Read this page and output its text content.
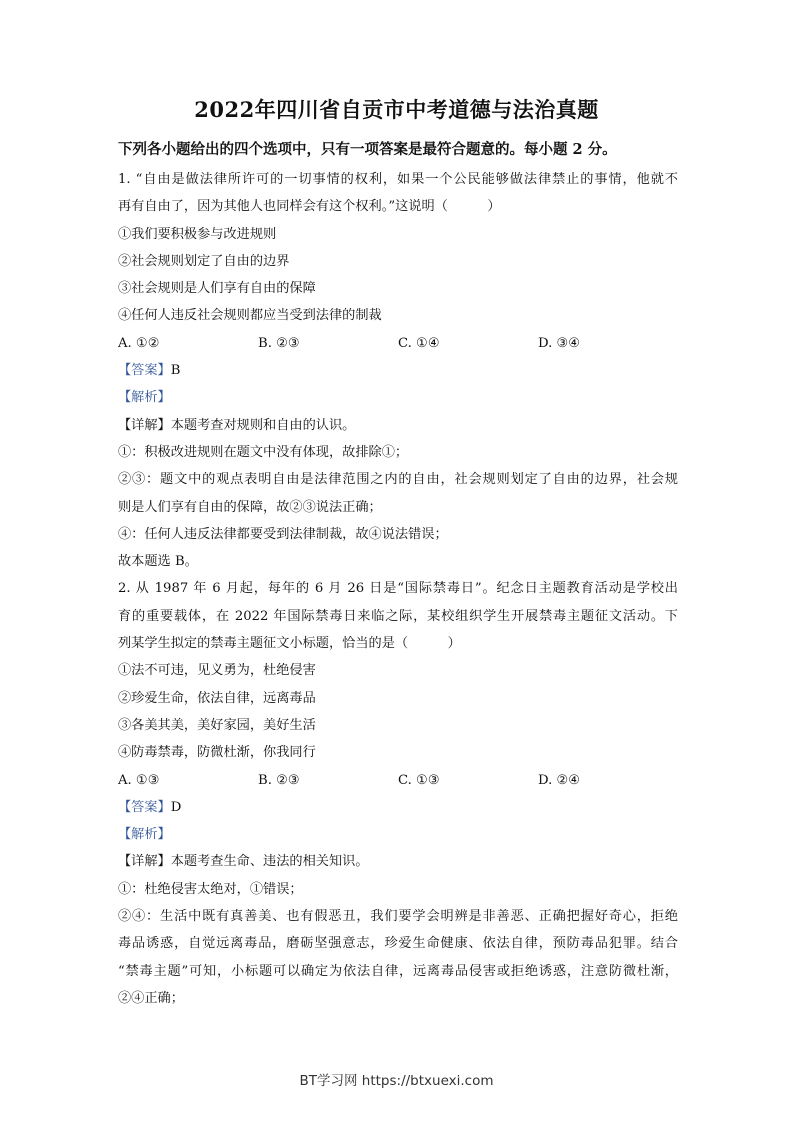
2022年四川省自贡市中考道德与法治真题
下列各小题给出的四个选项中，只有一项答案是最符合题意的。每小题 2 分。
1. “自由是做法律所许可的一切事情的权利，如果一个公民能够做法律禁止的事情，他就不
再有自由了，因为其他人也同样会有这个权利。”这说明（　　　）
①我们要积极参与改进规则
②社会规则划定了自由的边界
③社会规则是人们享有自由的保障
④任何人违反社会规则都应当受到法律的制裁
A. ①②	B. ②③	C. ①④	D. ③④
【答案】B
【解析】
【详解】本题考查对规则和自由的认识。
①：积极改进规则在题文中没有体现，故排除①；
②③：题文中的观点表明自由是法律范围之内的自由，社会规则划定了自由的边界，社会规
则是人们享有自由的保障，故②③说法正确；
④：任何人违反法律都要受到法律制裁，故④说法错误；
故本题选 B。
2. 从 1987 年 6 月起，每年的 6 月 26 日是“国际禁毒日”。纪念日主题教育活动是学校出
育的重要载体，在 2022 年国际禁毒日来临之际，某校组织学生开展禁毒主题征文活动。下
列某学生拟定的禁毒主题征文小标题，恰当的是（　　　）
①法不可违，见义勇为，杜绝侵害
②珍爱生命，依法自律，远离毒品
③各美其美，美好家园，美好生活
④防毒禁毒，防微杜渐，你我同行
A. ①③	B. ②③	C. ①③	D. ②④
【答案】D
【解析】
【详解】本题考查生命、违法的相关知识。
①：杜绝侵害太绝对，①错误；
②④：生活中既有真善美、也有假恶丑，我们要学会明辨是非善恶、正确把握好奇心，拒绝
毒品诱惑，自觉远离毒品，磨砺坚强意志，珍爱生命健康、依法自律，预防毒品犯罪。结合
“禁毒主题”可知，小标题可以确定为依法自律，远离毒品侵害或拒绝诱惑，注意防微杜渐，
②④正确；
BT学习网 https://btxuexi.com
